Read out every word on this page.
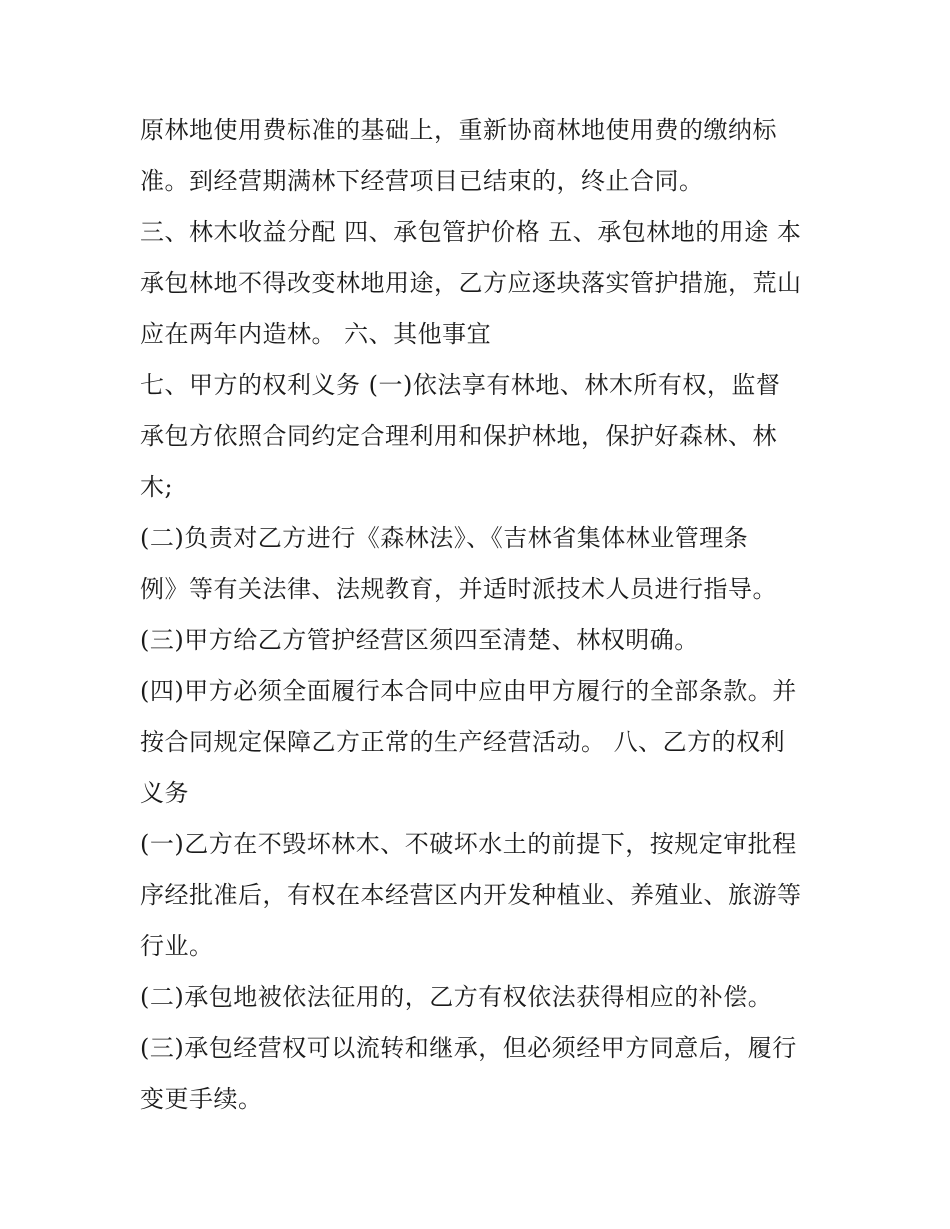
原林地使用费标准的基础上，重新协商林地使用费的缴纳标
准。到经营期满林下经营项目已结束的，终止合同。
三、林木收益分配 四、承包管护价格 五、承包林地的用途 本
承包林地不得改变林地用途，乙方应逐块落实管护措施，荒山
应在两年内造林。 六、其他事宜
七、甲方的权利义务 (一)依法享有林地、林木所有权，监督
承包方依照合同约定合理利用和保护林地，保护好森林、林
木;
(二)负责对乙方进行《森林法》、《吉林省集体林业管理条
例》等有关法律、法规教育，并适时派技术人员进行指导。
(三)甲方给乙方管护经营区须四至清楚、林权明确。
(四)甲方必须全面履行本合同中应由甲方履行的全部条款。并
按合同规定保障乙方正常的生产经营活动。 八、乙方的权利
义务
(一)乙方在不毁坏林木、不破坏水土的前提下，按规定审批程
序经批准后，有权在本经营区内开发种植业、养殖业、旅游等
行业。
(二)承包地被依法征用的，乙方有权依法获得相应的补偿。
(三)承包经营权可以流转和继承，但必须经甲方同意后，履行
变更手续。
